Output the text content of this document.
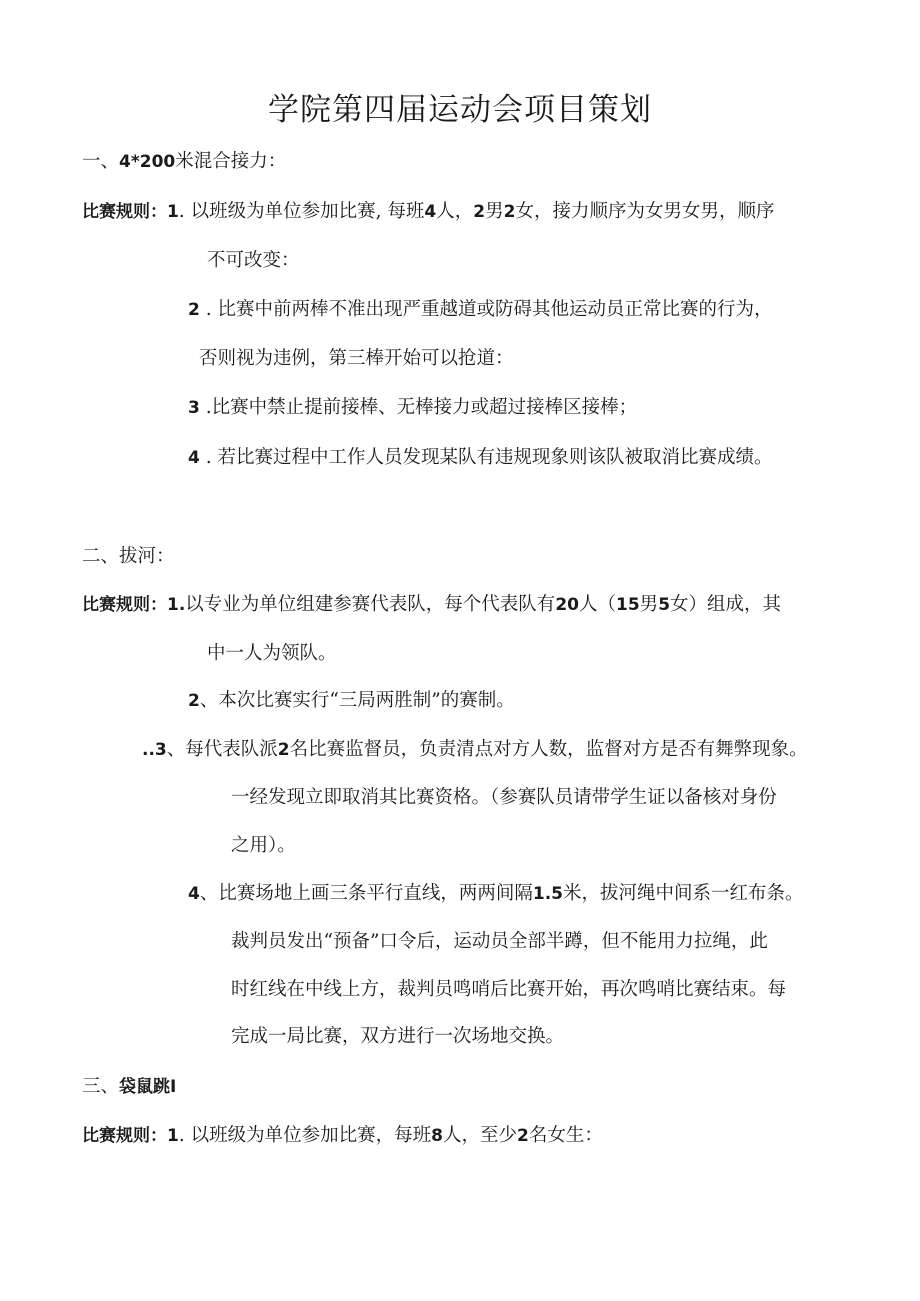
学院第四届运动会项目策划
一、4*200米混合接力：
比赛规则：1. 以班级为单位参加比赛, 每班4人，2男2女，接力顺序为女男女男，顺序
不可改变：
2 . 比赛中前两棒不准出现严重越道或防碍其他运动员正常比赛的行为，
否则视为违例，第三棒开始可以抢道：
3 .比赛中禁止提前接棒、无棒接力或超过接棒区接棒；
4 . 若比赛过程中工作人员发现某队有违规现象则该队被取消比赛成绩。
二、拔河：
比赛规则：1.以专业为单位组建参赛代表队，每个代表队有20人（15男5女）组成，其
中一人为领队。
2、本次比赛实行“三局两胜制”的赛制。
..3、每代表队派2名比赛监督员，负责清点对方人数，监督对方是否有舞弊现象。
一经发现立即取消其比赛资格。（参赛队员请带学生证以备核对身份
之用）。
4、比赛场地上画三条平行直线，两两间隔1.5米，拔河绳中间系一红布条。
裁判员发出“预备”口令后，运动员全部半蹲，但不能用力拉绳，此
时红线在中线上方，裁判员鸣哨后比赛开始，再次鸣哨比赛结束。每
完成一局比赛，双方进行一次场地交换。
三、袋鼠跳I
比赛规则：1. 以班级为单位参加比赛，每班8人，至少2名女生：
